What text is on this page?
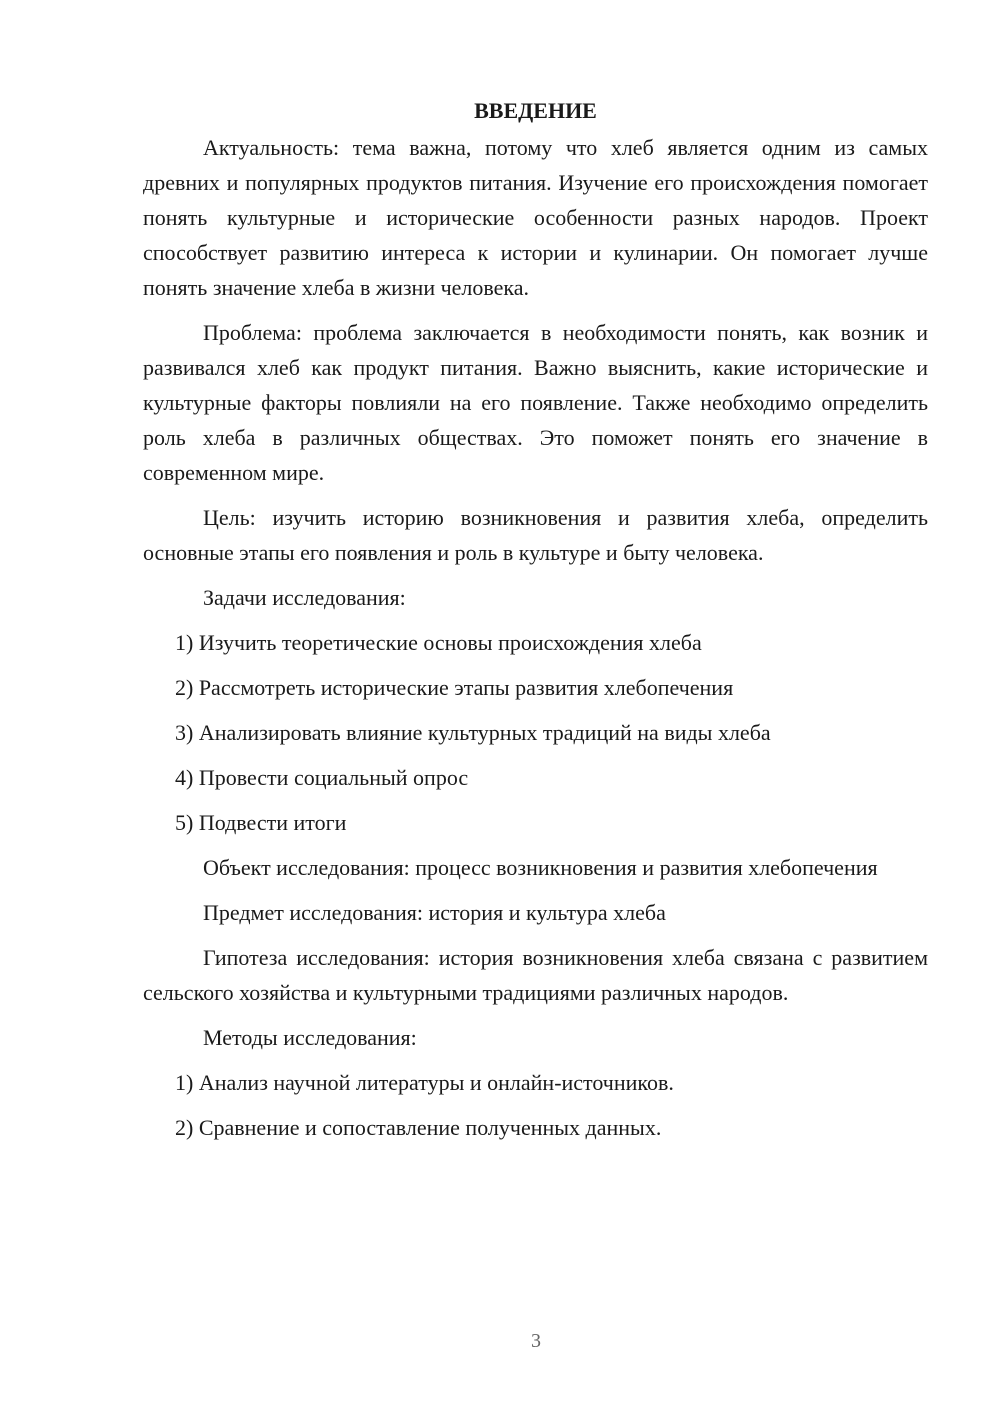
ВВЕДЕНИЕ

Актуальность: тема важна, потому что хлеб является одним из самых древних и популярных продуктов питания. Изучение его происхождения помогает понять культурные и исторические особенности разных народов. Проект способствует развитию интереса к истории и кулинарии. Он помогает лучше понять значение хлеба в жизни человека.

Проблема: проблема заключается в необходимости понять, как возник и развивался хлеб как продукт питания. Важно выяснить, какие исторические и культурные факторы повлияли на его появление. Также необходимо определить роль хлеба в различных обществах. Это поможет понять его значение в современном мире.

Цель: изучить историю возникновения и развития хлеба, определить основные этапы его появления и роль в культуре и быту человека.

Задачи исследования:

1) Изучить теоретические основы происхождения хлеба

2) Рассмотреть исторические этапы развития хлебопечения

3) Анализировать влияние культурных традиций на виды хлеба

4) Провести социальный опрос

5) Подвести итоги

Объект исследования: процесс возникновения и развития хлебопечения

Предмет исследования: история и культура хлеба

Гипотеза исследования: история возникновения хлеба связана с развитием сельского хозяйства и культурными традициями различных народов.

Методы исследования:

1) Анализ научной литературы и онлайн-источников.

2) Сравнение и сопоставление полученных данных.

3
